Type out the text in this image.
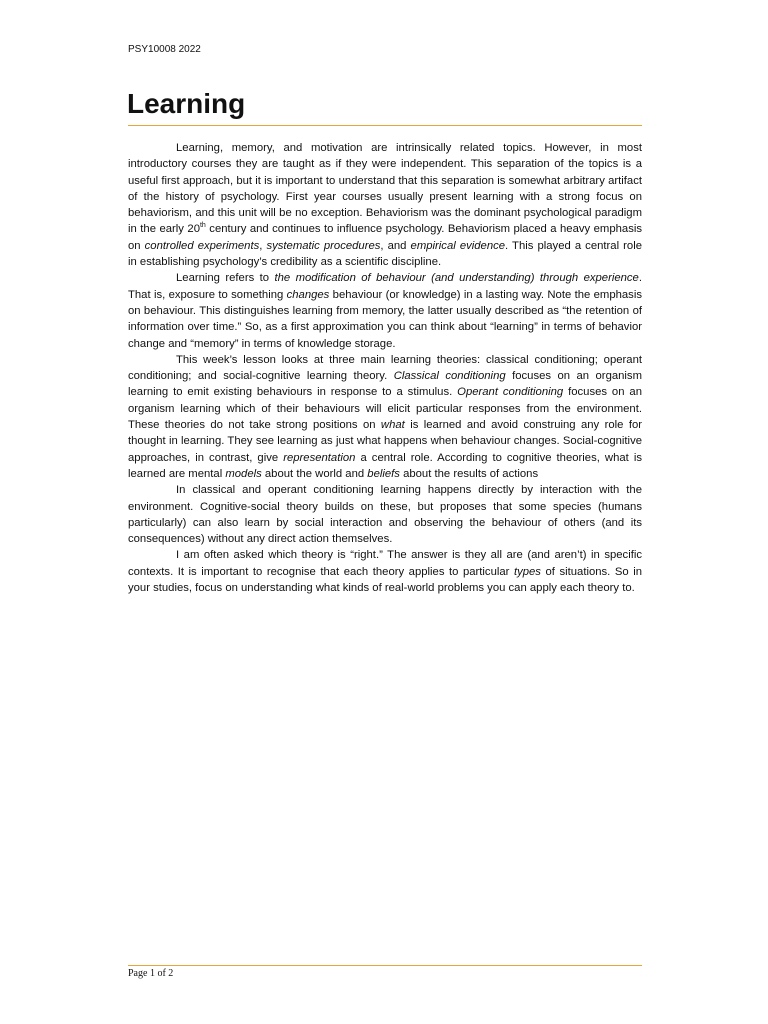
PSY10008 2022
Learning

Learning, memory, and motivation are intrinsically related topics. However, in most introductory courses they are taught as if they were independent. This separation of the topics is a useful first approach, but it is important to understand that this separation is somewhat arbitrary artifact of the history of psychology. First year courses usually present learning with a strong focus on behaviorism, and this unit will be no exception. Behaviorism was the dominant psychological paradigm in the early 20th century and continues to influence psychology. Behaviorism placed a heavy emphasis on controlled experiments, systematic procedures, and empirical evidence. This played a central role in establishing psychology’s credibility as a scientific discipline.

Learning refers to the modification of behaviour (and understanding) through experience. That is, exposure to something changes behaviour (or knowledge) in a lasting way. Note the emphasis on behaviour. This distinguishes learning from memory, the latter usually described as “the retention of information over time.” So, as a first approximation you can think about “learning” in terms of behavior change and “memory” in terms of knowledge storage.

This week’s lesson looks at three main learning theories: classical conditioning; operant conditioning; and social-cognitive learning theory. Classical conditioning focuses on an organism learning to emit existing behaviours in response to a stimulus. Operant conditioning focuses on an organism learning which of their behaviours will elicit particular responses from the environment. These theories do not take strong positions on what is learned and avoid construing any role for thought in learning. They see learning as just what happens when behaviour changes. Social-cognitive approaches, in contrast, give representation a central role. According to cognitive theories, what is learned are mental models about the world and beliefs about the results of actions

In classical and operant conditioning learning happens directly by interaction with the environment. Cognitive-social theory builds on these, but proposes that some species (humans particularly) can also learn by social interaction and observing the behaviour of others (and its consequences) without any direct action themselves.

I am often asked which theory is “right.” The answer is they all are (and aren’t) in specific contexts. It is important to recognise that each theory applies to particular types of situations. So in your studies, focus on understanding what kinds of real-world problems you can apply each theory to.

Page 1 of 2
